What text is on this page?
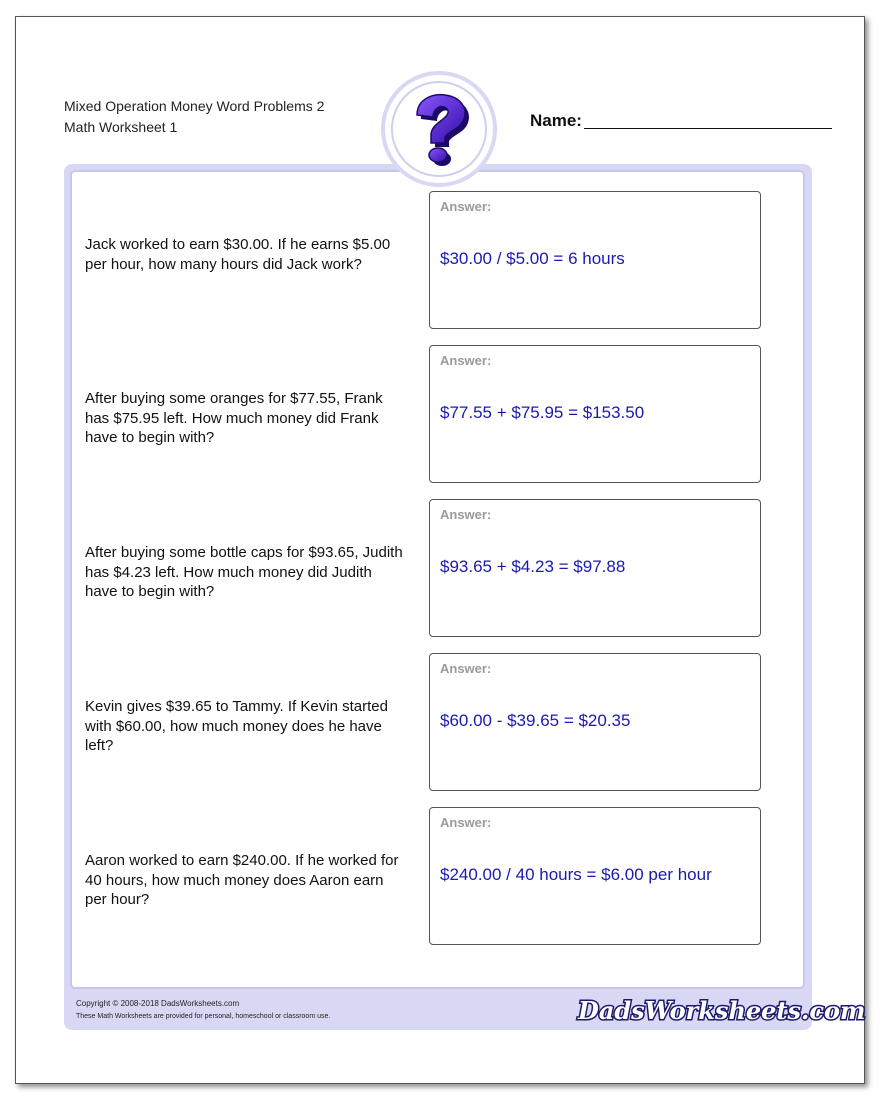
Mixed Operation Money Word Problems 2
Math Worksheet 1	Name:
Copyright © 2008-2018 DadsWorksheets.com
These Math Worksheets are provided for personal, homeschool or classroom use.	DadsWorksheets.com
Jack worked to earn $30.00. If he earns $5.00 per hour, how many hours did Jack work?
Answer:
$30.00 / $5.00 = 6 hours
After buying some oranges for $77.55, Frank has $75.95 left. How much money did Frank have to begin with?
Answer:
$77.55 + $75.95 = $153.50
After buying some bottle caps for $93.65, Judith has $4.23 left. How much money did Judith have to begin with?
Answer:
$93.65 + $4.23 = $97.88
Kevin gives $39.65 to Tammy. If Kevin started with $60.00, how much money does he have left?
Answer:
$60.00 - $39.65 = $20.35
Aaron worked to earn $240.00. If he worked for 40 hours, how much money does Aaron earn per hour?
Answer:
$240.00 / 40 hours = $6.00 per hour
